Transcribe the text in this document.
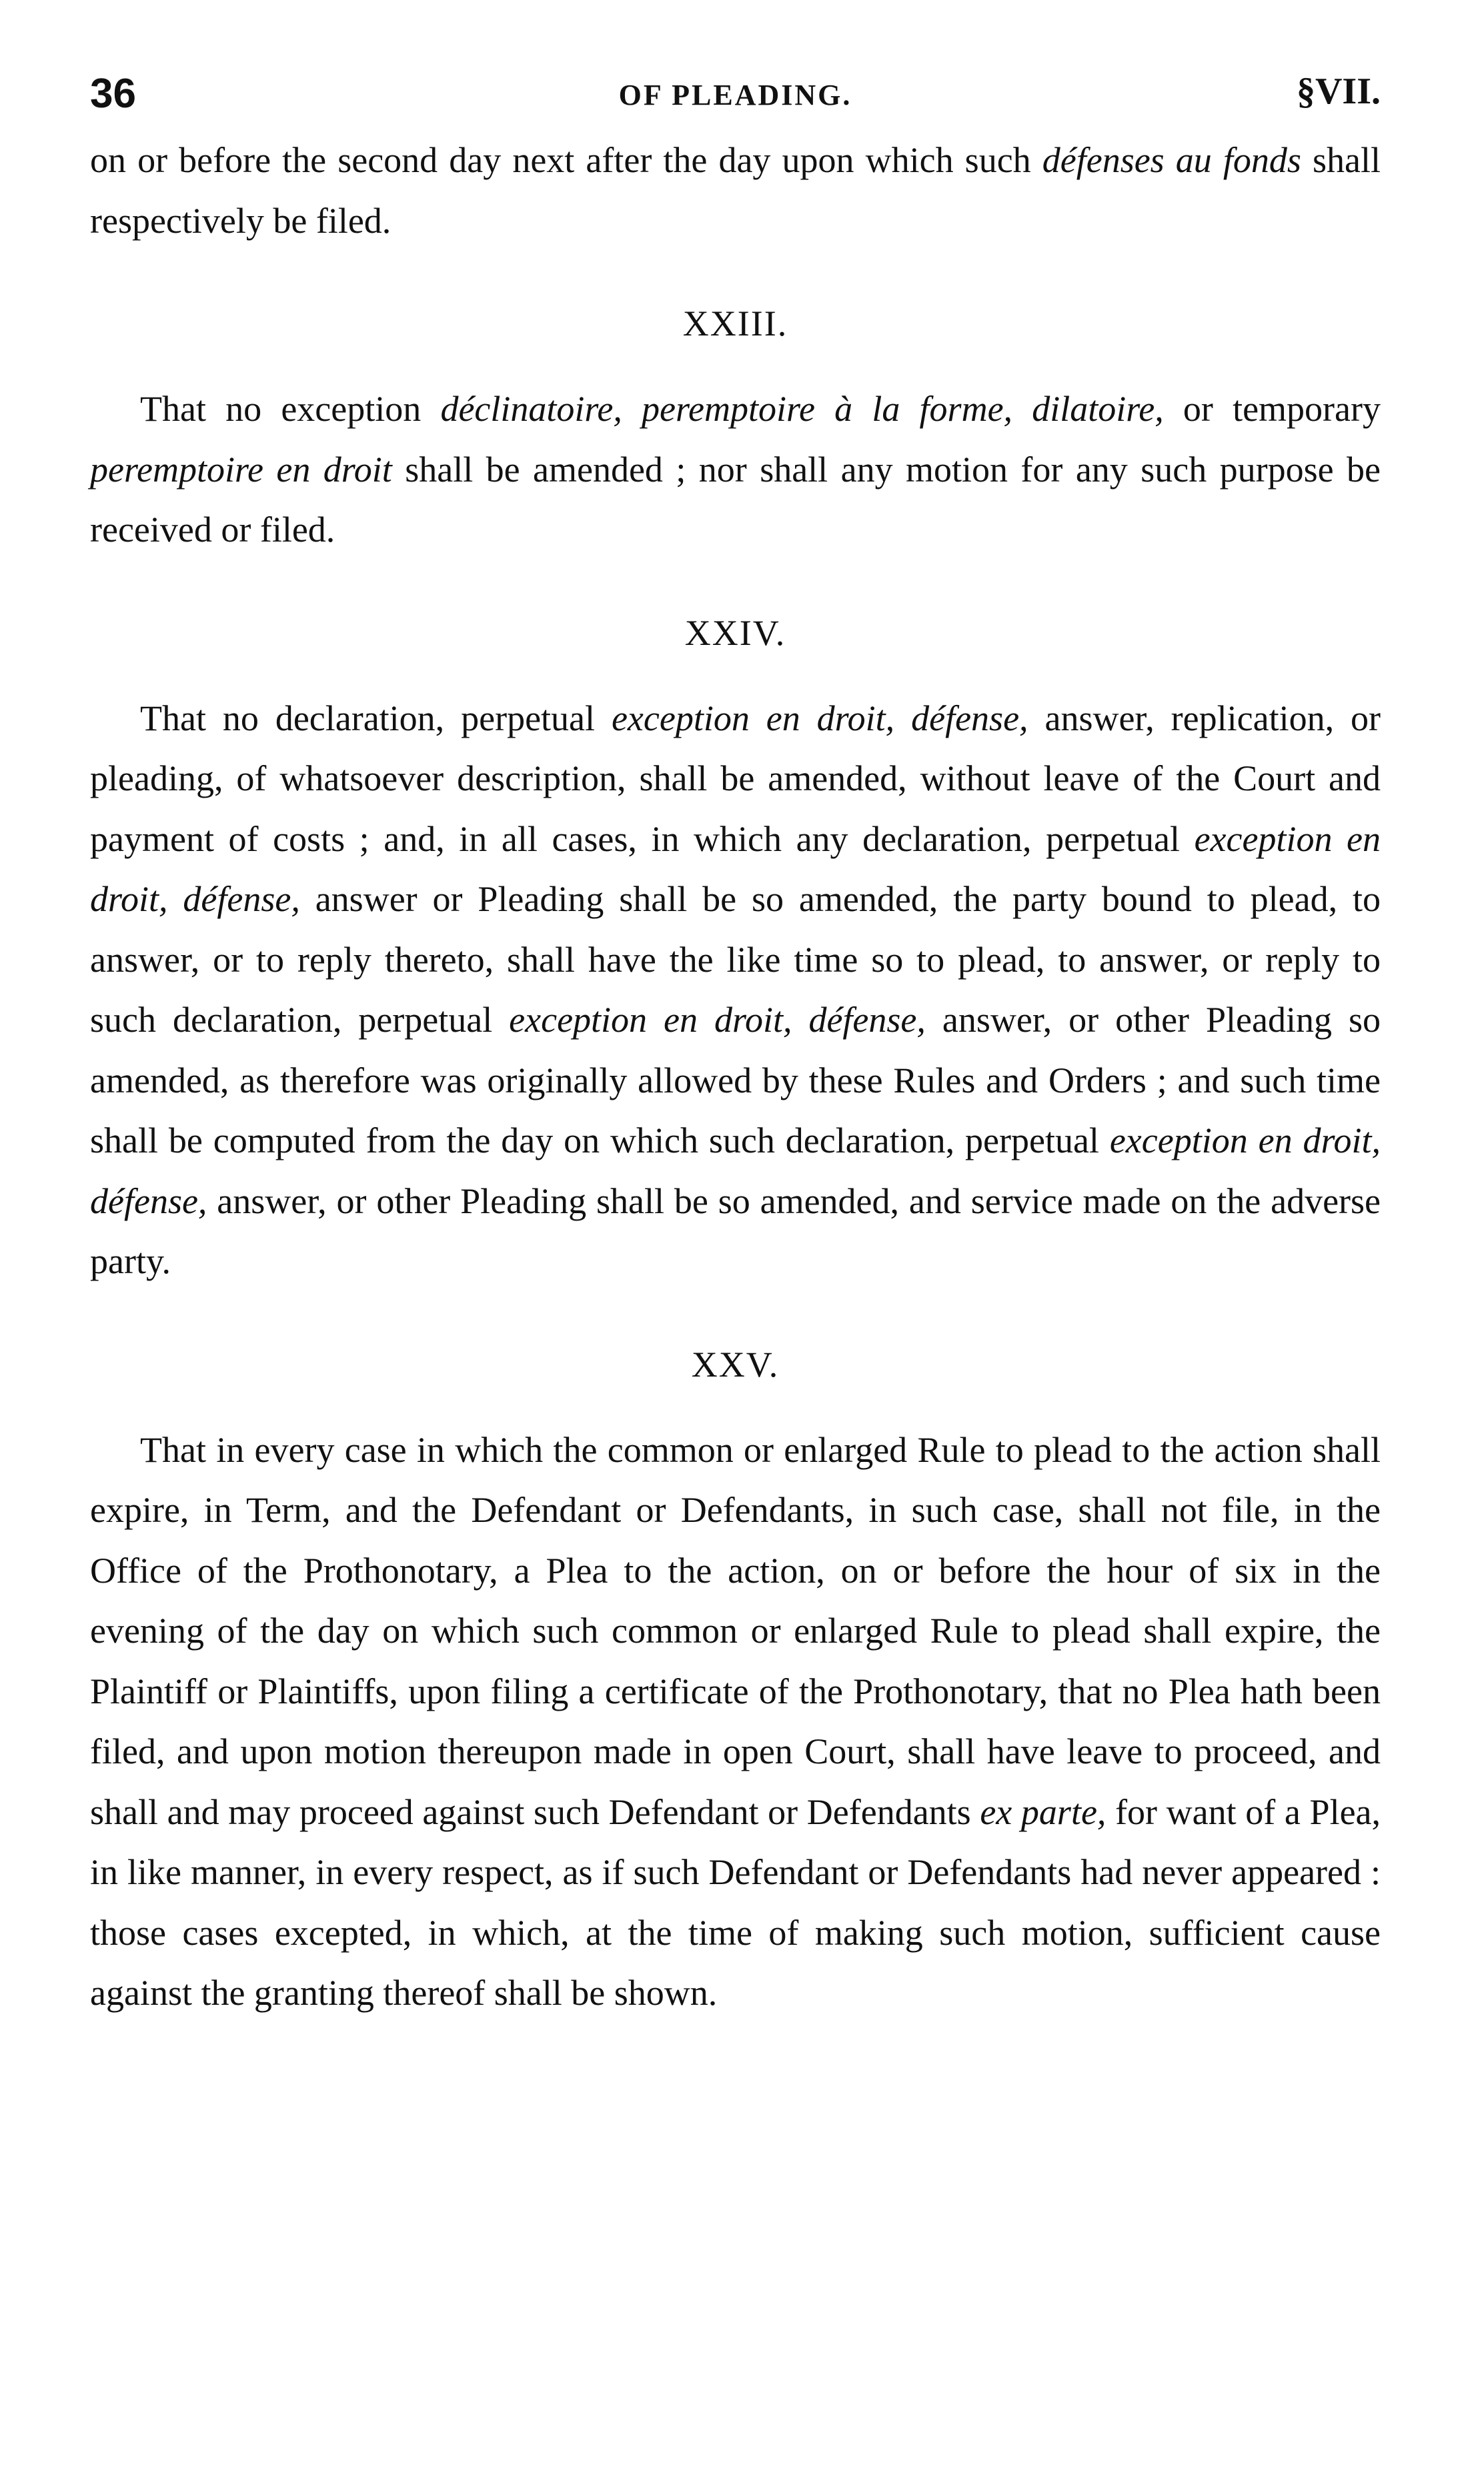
36	OF PLEADING.	§VII.

on or before the second day next after the day upon which such défenses au fonds shall respectively be filed.

XXIII.

That no exception déclinatoire, peremptoire à la forme, dilatoire, or temporary peremptoire en droit shall be amended ; nor shall any motion for any such purpose be received or filed.

XXIV.

That no declaration, perpetual exception en droit, défense, answer, replication, or pleading, of whatsoever description, shall be amended, without leave of the Court and payment of costs ; and, in all cases, in which any declaration, perpetual exception en droit, défense, answer or Pleading shall be so amended, the party bound to plead, to answer, or to reply thereto, shall have the like time so to plead, to answer, or reply to such declaration, perpetual exception en droit, défense, answer, or other Pleading so amended, as therefore was originally allowed by these Rules and Orders ; and such time shall be computed from the day on which such declaration, perpetual exception en droit, défense, answer, or other Pleading shall be so amended, and service made on the adverse party.

XXV.

That in every case in which the common or enlarged Rule to plead to the action shall expire, in Term, and the Defendant or Defendants, in such case, shall not file, in the Office of the Prothonotary, a Plea to the action, on or before the hour of six in the evening of the day on which such common or enlarged Rule to plead shall expire, the Plaintiff or Plaintiffs, upon filing a certificate of the Prothonotary, that no Plea hath been filed, and upon motion thereupon made in open Court, shall have leave to proceed, and shall and may proceed against such Defendant or Defendants ex parte, for want of a Plea, in like manner, in every respect, as if such Defendant or Defendants had never appeared : those cases excepted, in which, at the time of making such motion, sufficient cause against the granting thereof shall be shown.
